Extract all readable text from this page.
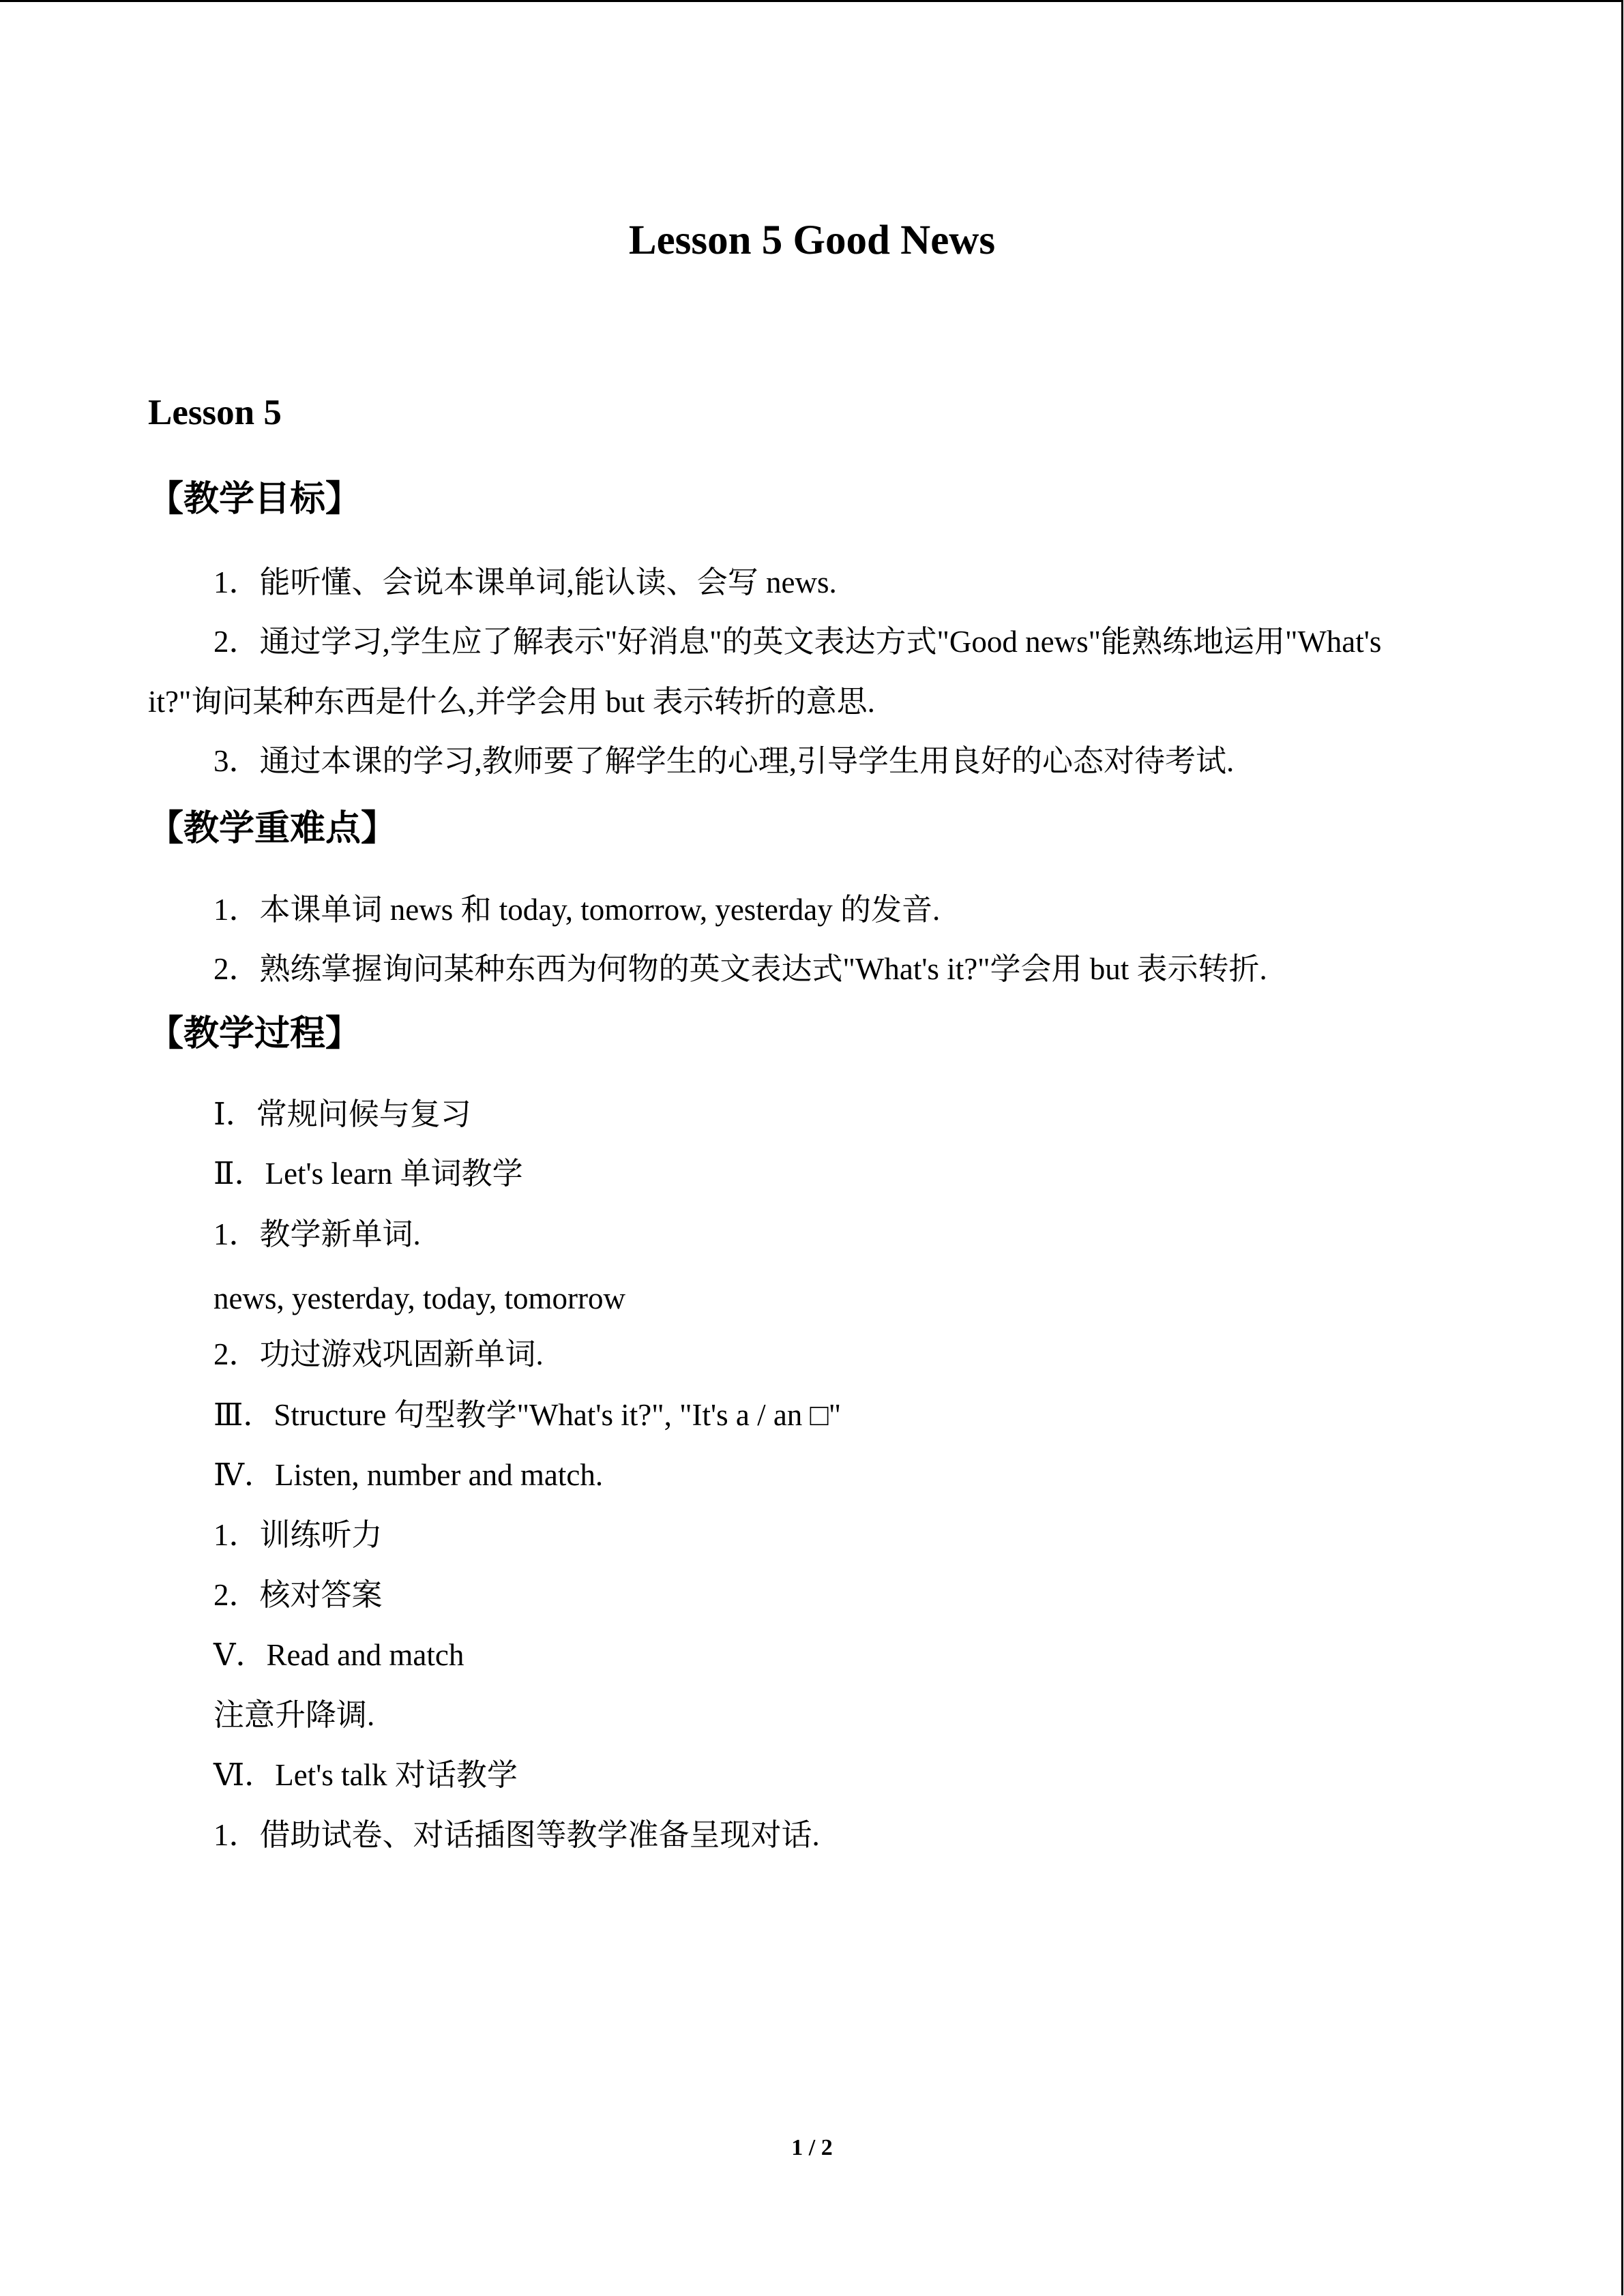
Lesson 5 Good News
Lesson 5
【教学目标】
1．能听懂、会说本课单词,能认读、会写 news.
2．通过学习,学生应了解表示"好消息"的英文表达方式"Good news"能熟练地运用"What's
it?"询问某种东西是什么,并学会用 but 表示转折的意思.
3．通过本课的学习,教师要了解学生的心理,引导学生用良好的心态对待考试.
【教学重难点】
1．本课单词 news 和 today, tomorrow, yesterday 的发音.
2．熟练掌握询问某种东西为何物的英文表达式"What's it?"学会用 but 表示转折.
【教学过程】
Ⅰ．常规问候与复习
Ⅱ．Let's learn 单词教学
1．教学新单词.
news, yesterday, today, tomorrow
2．功过游戏巩固新单词.
Ⅲ．Structure 句型教学"What's it?", "It's a / an □"
Ⅳ．Listen, number and match.
1．训练听力
2．核对答案
Ⅴ．Read and match
注意升降调.
Ⅵ．Let's talk 对话教学
1．借助试卷、对话插图等教学准备呈现对话.
1 / 2
